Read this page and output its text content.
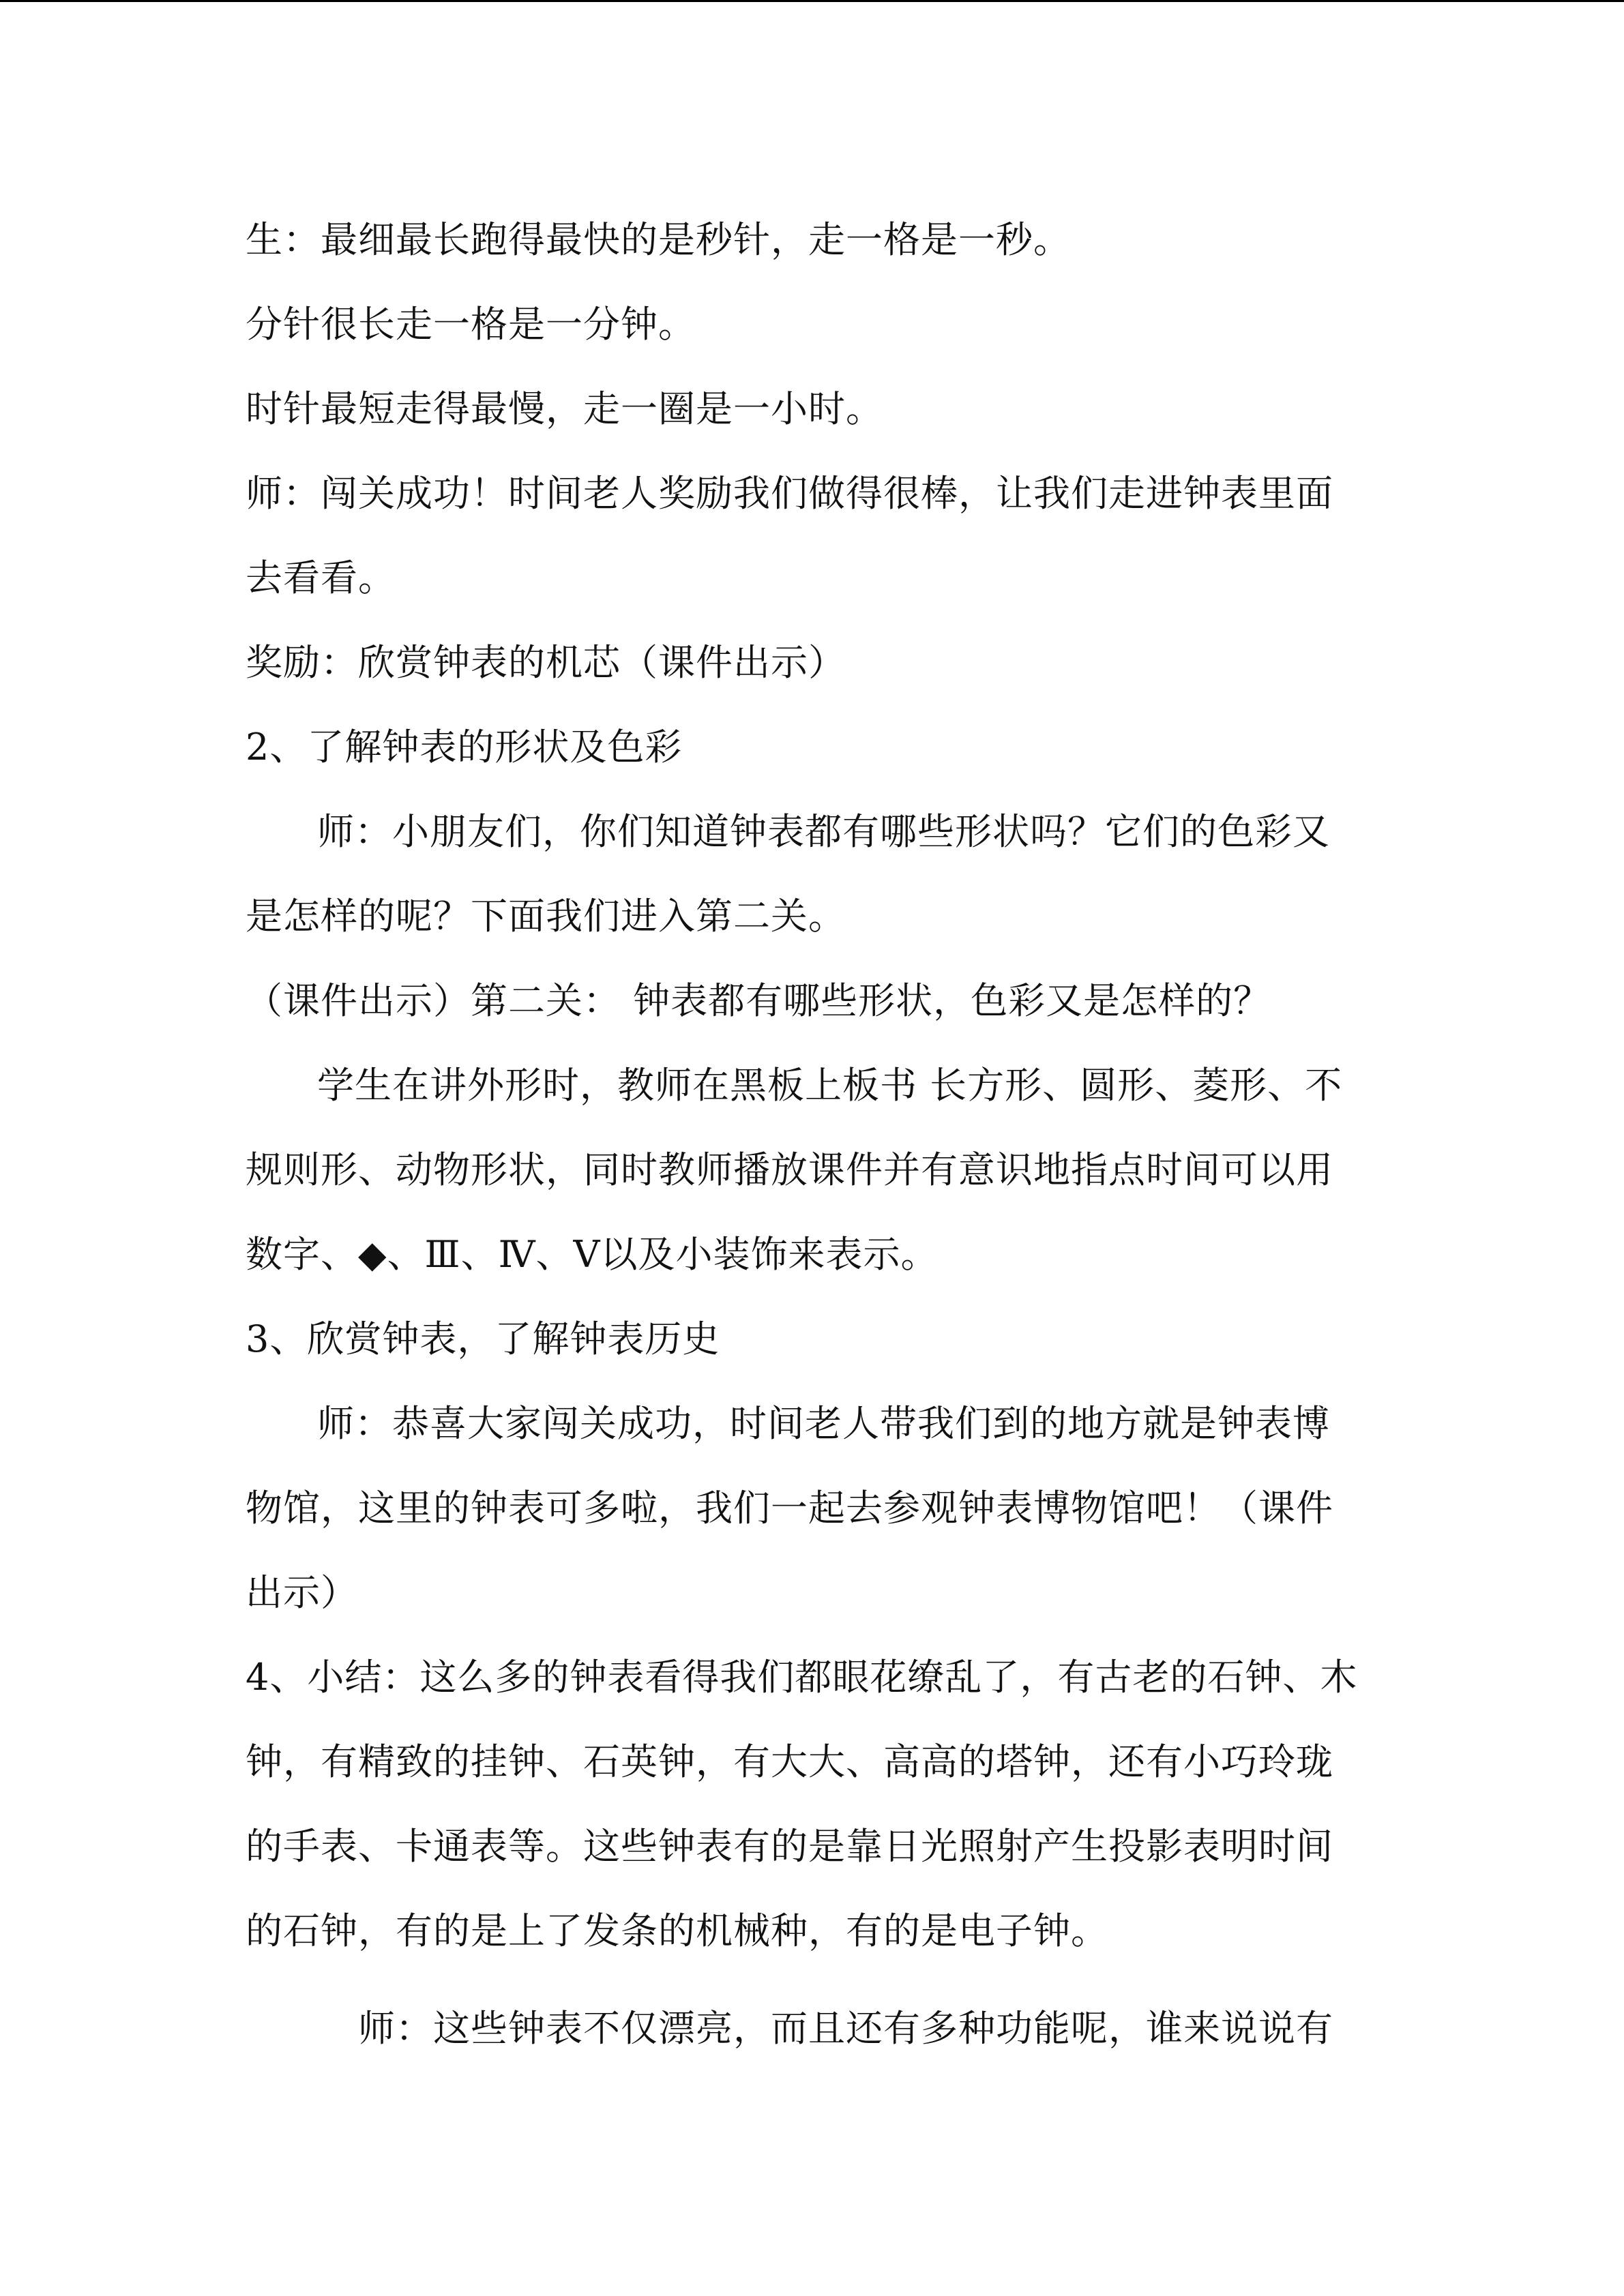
生：最细最长跑得最快的是秒针，走一格是一秒。
分针很长走一格是一分钟。
时针最短走得最慢，走一圈是一小时。
师：闯关成功！时间老人奖励我们做得很棒，让我们走进钟表里面
去看看。
奖励：欣赏钟表的机芯（课件出示）
2、了解钟表的形状及色彩
师：小朋友们，你们知道钟表都有哪些形状吗？它们的色彩又
是怎样的呢？下面我们进入第二关。
（课件出示）第二关： 钟表都有哪些形状，色彩又是怎样的？
学生在讲外形时，教师在黑板上板书 长方形、圆形、菱形、不
规则形、动物形状，同时教师播放课件并有意识地指点时间可以用
数字、◆、Ⅲ、Ⅳ、Ⅴ以及小装饰来表示。
3、欣赏钟表，了解钟表历史
师：恭喜大家闯关成功，时间老人带我们到的地方就是钟表博
物馆，这里的钟表可多啦，我们一起去参观钟表博物馆吧！（课件
出示）
4、小结：这么多的钟表看得我们都眼花缭乱了，有古老的石钟、木
钟，有精致的挂钟、石英钟，有大大、高高的塔钟，还有小巧玲珑
的手表、卡通表等。这些钟表有的是靠日光照射产生投影表明时间
的石钟，有的是上了发条的机械种，有的是电子钟。
师：这些钟表不仅漂亮，而且还有多种功能呢，谁来说说有
